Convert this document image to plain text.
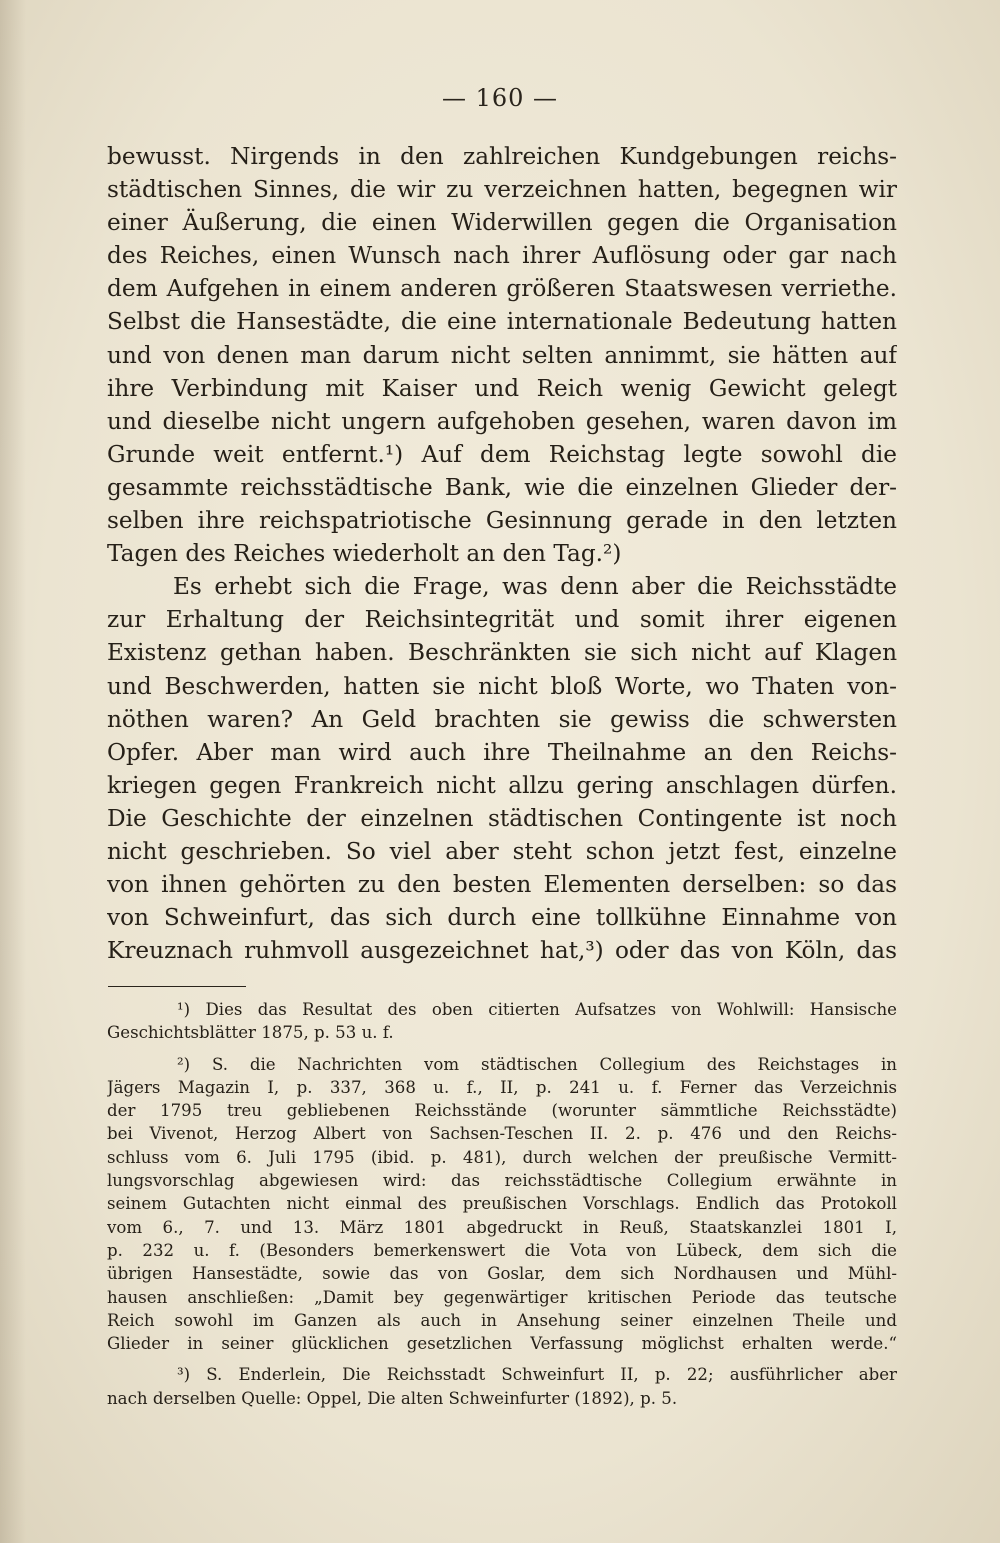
— 160 —
bewusst. Nirgends in den zahlreichen Kundgebungen reichs-
städtischen Sinnes, die wir zu verzeichnen hatten, begegnen wir
einer Äußerung, die einen Widerwillen gegen die Organisation
des Reiches, einen Wunsch nach ihrer Auflösung oder gar nach
dem Aufgehen in einem anderen größeren Staatswesen verriethe.
Selbst die Hansestädte, die eine internationale Bedeutung hatten
und von denen man darum nicht selten annimmt, sie hätten auf
ihre Verbindung mit Kaiser und Reich wenig Gewicht gelegt
und dieselbe nicht ungern aufgehoben gesehen, waren davon im
Grunde weit entfernt.¹) Auf dem Reichstag legte sowohl die
gesammte reichsstädtische Bank, wie die einzelnen Glieder der-
selben ihre reichspatriotische Gesinnung gerade in den letzten
Tagen des Reiches wiederholt an den Tag.²)
Es erhebt sich die Frage, was denn aber die Reichsstädte
zur Erhaltung der Reichsintegrität und somit ihrer eigenen
Existenz gethan haben. Beschränkten sie sich nicht auf Klagen
und Beschwerden, hatten sie nicht bloß Worte, wo Thaten von-
nöthen waren? An Geld brachten sie gewiss die schwersten
Opfer. Aber man wird auch ihre Theilnahme an den Reichs-
kriegen gegen Frankreich nicht allzu gering anschlagen dürfen.
Die Geschichte der einzelnen städtischen Contingente ist noch
nicht geschrieben. So viel aber steht schon jetzt fest, einzelne
von ihnen gehörten zu den besten Elementen derselben: so das
von Schweinfurt, das sich durch eine tollkühne Einnahme von
Kreuznach ruhmvoll ausgezeichnet hat,³) oder das von Köln, das
¹) Dies das Resultat des oben citierten Aufsatzes von Wohlwill: Hansische
Geschichtsblätter 1875, p. 53 u. f.
²) S. die Nachrichten vom städtischen Collegium des Reichstages in
Jägers Magazin I, p. 337, 368 u. f., II, p. 241 u. f. Ferner das Verzeichnis
der 1795 treu gebliebenen Reichsstände (worunter sämmtliche Reichsstädte)
bei Vivenot, Herzog Albert von Sachsen-Teschen II. 2. p. 476 und den Reichs-
schluss vom 6. Juli 1795 (ibid. p. 481), durch welchen der preußische Vermitt-
lungsvorschlag abgewiesen wird: das reichsstädtische Collegium erwähnte in
seinem Gutachten nicht einmal des preußischen Vorschlags. Endlich das Protokoll
vom 6., 7. und 13. März 1801 abgedruckt in Reuß, Staatskanzlei 1801 I,
p. 232 u. f. (Besonders bemerkenswert die Vota von Lübeck, dem sich die
übrigen Hansestädte, sowie das von Goslar, dem sich Nordhausen und Mühl-
hausen anschließen: „Damit bey gegenwärtiger kritischen Periode das teutsche
Reich sowohl im Ganzen als auch in Ansehung seiner einzelnen Theile und
Glieder in seiner glücklichen gesetzlichen Verfassung möglichst erhalten werde.“
³) S. Enderlein, Die Reichsstadt Schweinfurt II, p. 22; ausführlicher aber
nach derselben Quelle: Oppel, Die alten Schweinfurter (1892), p. 5.
